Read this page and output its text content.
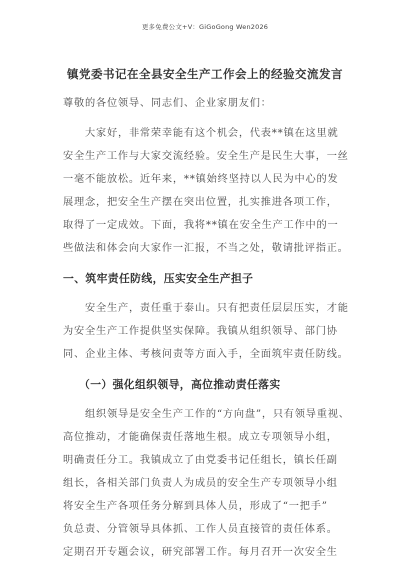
更多免费公文+V：GiGoGong Wen2026
镇党委书记在全县安全生产工作会上的经验交流发言
尊敬的各位领导、同志们、企业家朋友们：
大家好，非常荣幸能有这个机会，代表**镇在这里就
安全生产工作与大家交流经验。安全生产是民生大事，一丝
一毫不能放松。近年来，**镇始终坚持以人民为中心的发
展理念，把安全生产摆在突出位置，扎实推进各项工作，
取得了一定成效。下面，我将**镇在安全生产工作中的一
些做法和体会向大家作一汇报，不当之处，敬请批评指正。
一、筑牢责任防线，压实安全生产担子
安全生产，责任重于泰山。只有把责任层层压实，才能
为安全生产工作提供坚实保障。我镇从组织领导、部门协
同、企业主体、考核问责等方面入手，全面筑牢责任防线。
（一）强化组织领导，高位推动责任落实
组织领导是安全生产工作的“方向盘”，只有领导重视、
高位推动，才能确保责任落地生根。成立专项领导小组，
明确责任分工。我镇成立了由党委书记任组长，镇长任副
组长，各相关部门负责人为成员的安全生产专项领导小组
将安全生产各项任务分解到具体人员，形成了“一把手”
负总责、分管领导具体抓、工作人员直接管的责任体系。
定期召开专题会议，研究部署工作。每月召开一次安全生
